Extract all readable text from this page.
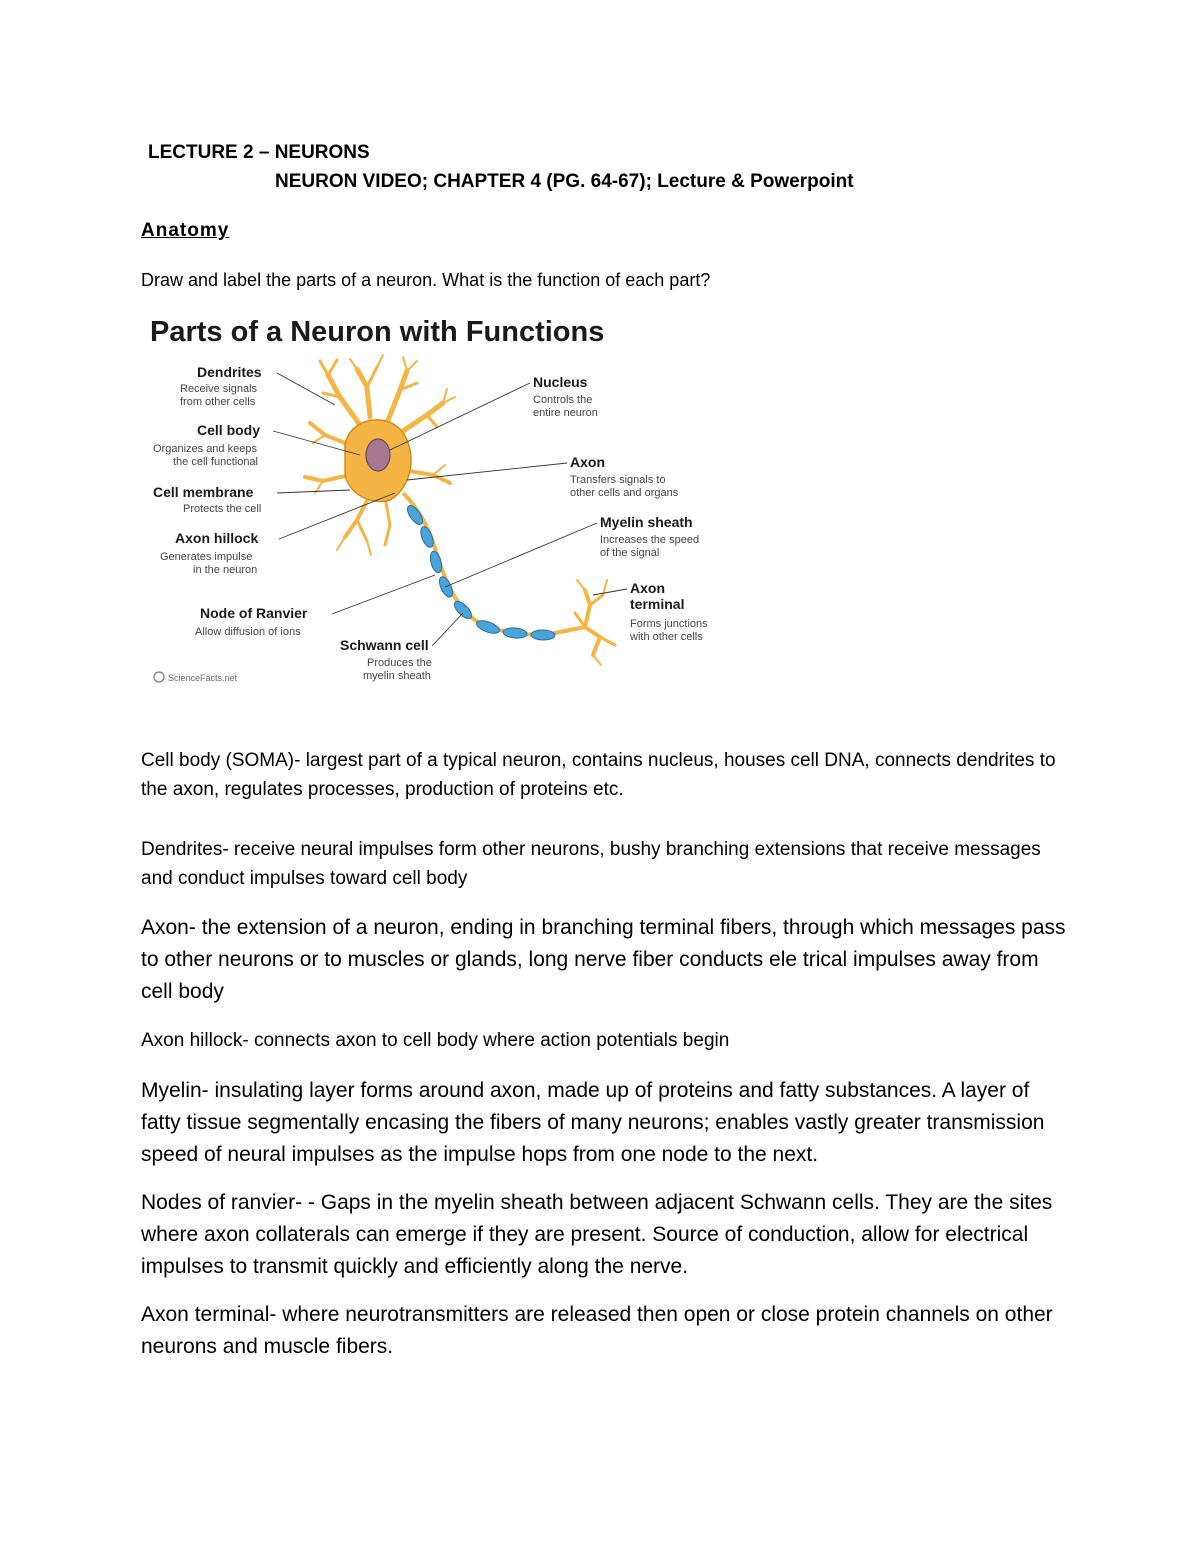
LECTURE 2 – NEURONS
NEURON VIDEO; CHAPTER 4 (PG. 64-67); Lecture & Powerpoint
Anatomy
Draw and label the parts of a neuron. What is the function of each part?
Parts of a Neuron with Functions
Dendrites
Receive signals
from other cells
Cell body
Organizes and keeps
the cell functional
Cell membrane
Protects the cell
Axon hillock
Generates impulse
in the neuron
Node of Ranvier
Allow diffusion of ions
Schwann cell
Produces the
myelin sheath
Nucleus
Controls the
entire neuron
Axon
Transfers signals to
other cells and organs
Myelin sheath
Increases the speed
of the signal
Axon
terminal
Forms junctions
with other cells
ScienceFacts.net

Cell body (SOMA)- largest part of a typical neuron, contains nucleus, houses cell DNA, connects dendrites to the axon, regulates processes, production of proteins etc.

Dendrites- receive neural impulses form other neurons, bushy branching extensions that receive messages and conduct impulses toward cell body

Axon- the extension of a neuron, ending in branching terminal fibers, through which messages pass to other neurons or to muscles or glands, long nerve fiber conducts ele trical impulses away from cell body

Axon hillock- connects axon to cell body where action potentials begin

Myelin- insulating layer forms around axon, made up of proteins and fatty substances. A layer of fatty tissue segmentally encasing the fibers of many neurons; enables vastly greater transmission speed of neural impulses as the impulse hops from one node to the next.

Nodes of ranvier- - Gaps in the myelin sheath between adjacent Schwann cells. They are the sites where axon collaterals can emerge if they are present. Source of conduction, allow for electrical impulses to transmit quickly and efficiently along the nerve.

Axon terminal- where neurotransmitters are released then open or close protein channels on other neurons and muscle fibers.
